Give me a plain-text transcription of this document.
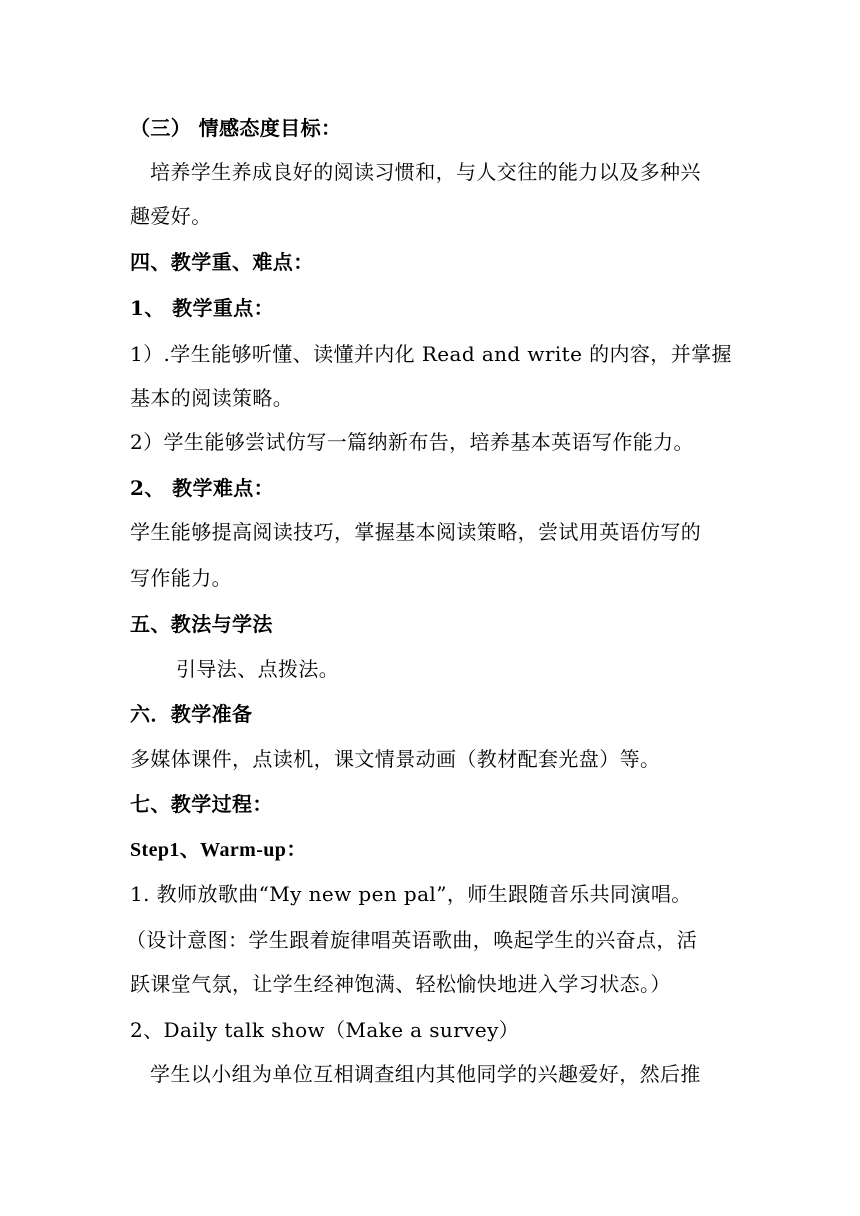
（三） 情感态度目标：
培养学生养成良好的阅读习惯和，与人交往的能力以及多种兴
趣爱好。
四、教学重、难点：
1、 教学重点：
1）.学生能够听懂、读懂并内化 Read and write 的内容，并掌握
基本的阅读策略。
2）学生能够尝试仿写一篇纳新布告，培养基本英语写作能力。
2、 教学难点：
学生能够提高阅读技巧，掌握基本阅读策略，尝试用英语仿写的
写作能力。
五、教法与学法
引导法、点拨法。
六．教学准备
多媒体课件，点读机，课文情景动画（教材配套光盘）等。
七、教学过程：
Step1、Warm-up：
1. 教师放歌曲“My new pen pal”，师生跟随音乐共同演唱。
（设计意图：学生跟着旋律唱英语歌曲，唤起学生的兴奋点，活
跃课堂气氛，让学生经神饱满、轻松愉快地进入学习状态。）
2、Daily talk show（Make a survey）
学生以小组为单位互相调查组内其他同学的兴趣爱好，然后推
